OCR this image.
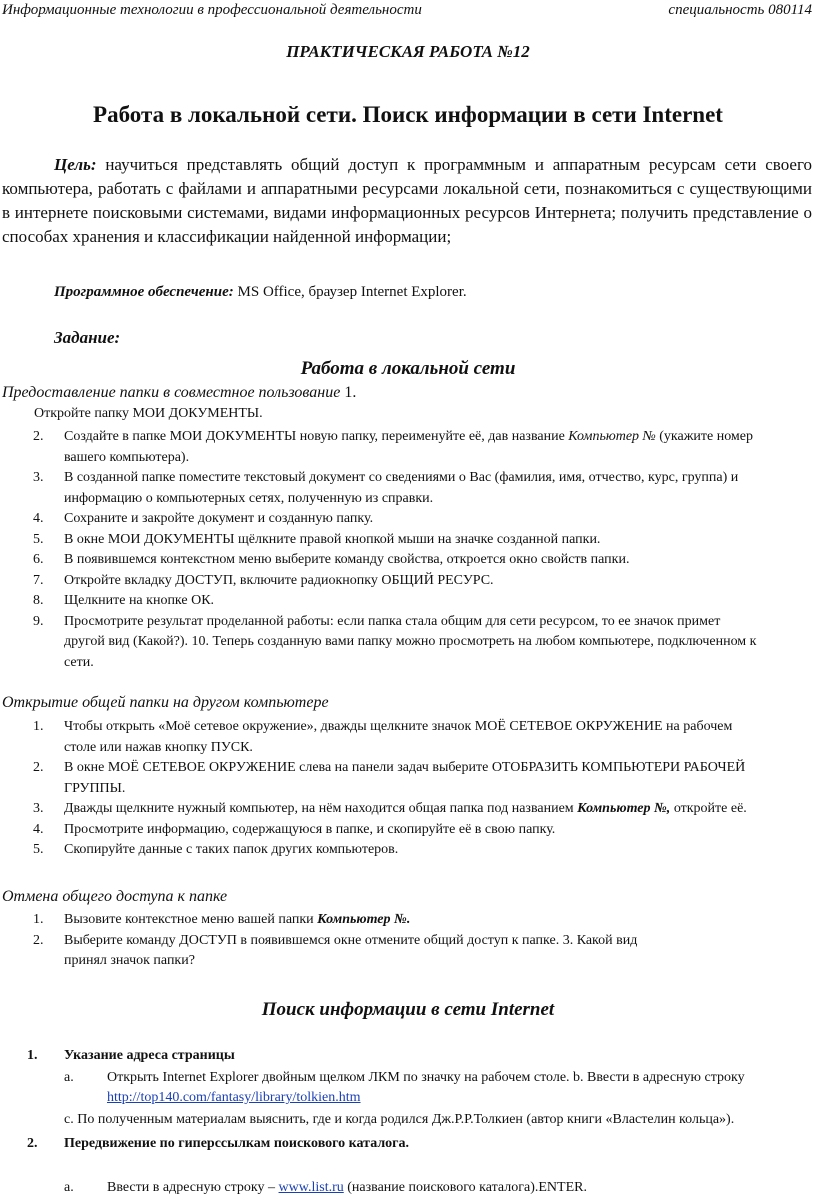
Информационные технологии в профессиональной деятельности	специальность 080114
ПРАКТИЧЕСКАЯ РАБОТА №12
Работа в локальной сети. Поиск информации в сети Internet
Цель: научиться представлять общий доступ к программным и аппаратным ресурсам сети своего компьютера, работать с файлами и аппаратными ресурсами локальной сети, познакомиться с существующими в интернете поисковыми системами, видами информационных ресурсов Интернета; получить представление о способах хранения и классификации найденной информации;
Программное обеспечение: MS Office, браузер Internet Explorer.
Задание:
Работа в локальной сети
Предоставление папки в совместное пользование 1.
Откройте папку МОИ ДОКУМЕНТЫ.
2. Создайте в папке МОИ ДОКУМЕНТЫ новую папку, переименуйте её, дав название Компьютер № (укажите номер
вашего компьютера).
3. В созданной папке поместите текстовый документ со сведениями о Вас (фамилия, имя, отчество, курс, группа) и
информацию о компьютерных сетях, полученную из справки.
4. Сохраните и закройте документ и созданную папку.
5. В окне МОИ ДОКУМЕНТЫ щёлкните правой кнопкой мыши на значке созданной папки.
6. В появившемся контекстном меню выберите команду свойства, откроется окно свойств папки.
7. Откройте вкладку ДОСТУП, включите радиокнопку ОБЩИЙ РЕСУРС.
8. Щелкните на кнопке ОК.
9. Просмотрите результат проделанной работы: если папка стала общим для сети ресурсом, то ее значок примет
другой вид (Какой?). 10. Теперь созданную вами папку можно просмотреть на любом компьютере, подключенном к
сети.
Открытие общей папки на другом компьютере
1. Чтобы открыть «Моё сетевое окружение», дважды щелкните значок МОЁ СЕТЕВОЕ ОКРУЖЕНИЕ на рабочем
столе или нажав кнопку ПУСК.
2. В окне МОЁ СЕТЕВОЕ ОКРУЖЕНИЕ слева на панели задач выберите ОТОБРАЗИТЬ КОМПЬЮТЕРИ РАБОЧЕЙ
ГРУППЫ.
3. Дважды щелкните нужный компьютер, на нём находится общая папка под названием Компьютер №, откройте её.
4. Просмотрите информацию, содержащуюся в папке, и скопируйте её в свою папку.
5. Скопируйте данные с таких папок других компьютеров.
Отмена общего доступа к папке
1. Вызовите контекстное меню вашей папки Компьютер №.
2. Выберите команду ДОСТУП в появившемся окне отмените общий доступ к папке. 3. Какой вид
принял значок папки?
Поиск информации в сети Internet
1. Указание адреса страницы
a. Открыть Internet Explorer двойным щелком ЛКМ по значку на рабочем столе. b. Ввести в адресную строку
http://top140.com/fantasy/library/tolkien.htm
c. По полученным материалам выяснить, где и когда родился Дж.Р.Р.Толкиен (автор книги «Властелин кольца»).
2. Передвижение по гиперссылкам поискового каталога.
a. Ввести в адресную строку – www.list.ru (название поискового каталога).ENTER.
